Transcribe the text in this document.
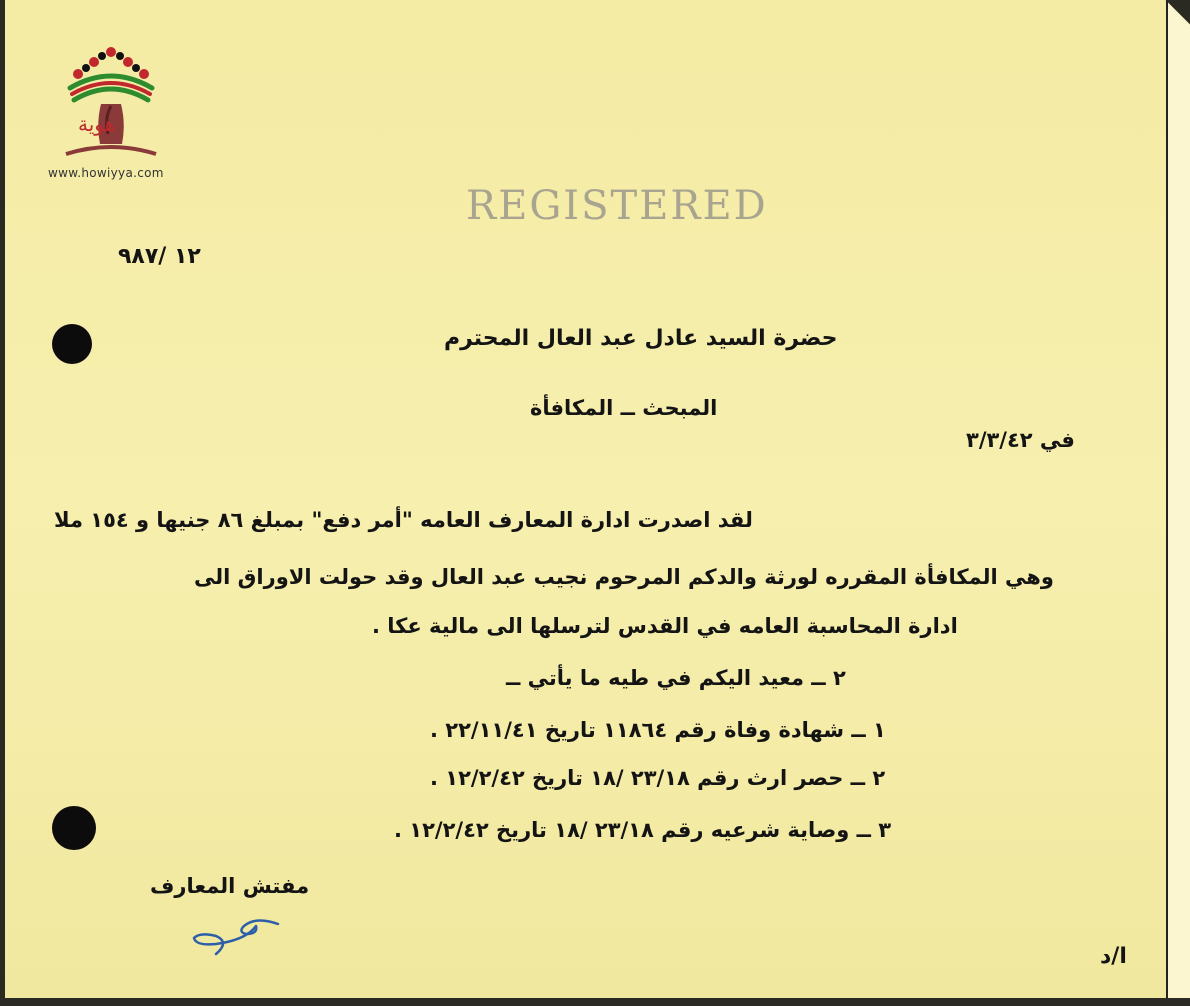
هوية
www.howiyya.com
REGISTERED
١٢ /٩٨٧
حضرة السيد عادل عبد العال المحترم
المبحث ــ المكافأة
في ٣/٣/٤٢
لقد اصدرت ادارة المعارف العامه "أمر دفع" بمبلغ ٨٦ جنيها و ١٥٤ ملا
وهي المكافأة المقرره لورثة والدكم المرحوم نجيب عبد العال وقد حولت الاوراق الى
ادارة المحاسبة العامه في القدس لترسلها الى مالية عكا .
٢ ــ معيد اليكم في طيه ما يأتي ــ
١ ــ شهادة وفاة رقم ١١٨٦٤ تاريخ ٢٢/١١/٤١ .
٢ ــ حصر ارث رقم ٢٣/١٨ /١٨ تاريخ ١٢/٢/٤٢ .
٣ ــ وصاية شرعيه رقم ٢٣/١٨ /١٨ تاريخ ١٢/٢/٤٢ .
مفتش المعارف
ا/د
